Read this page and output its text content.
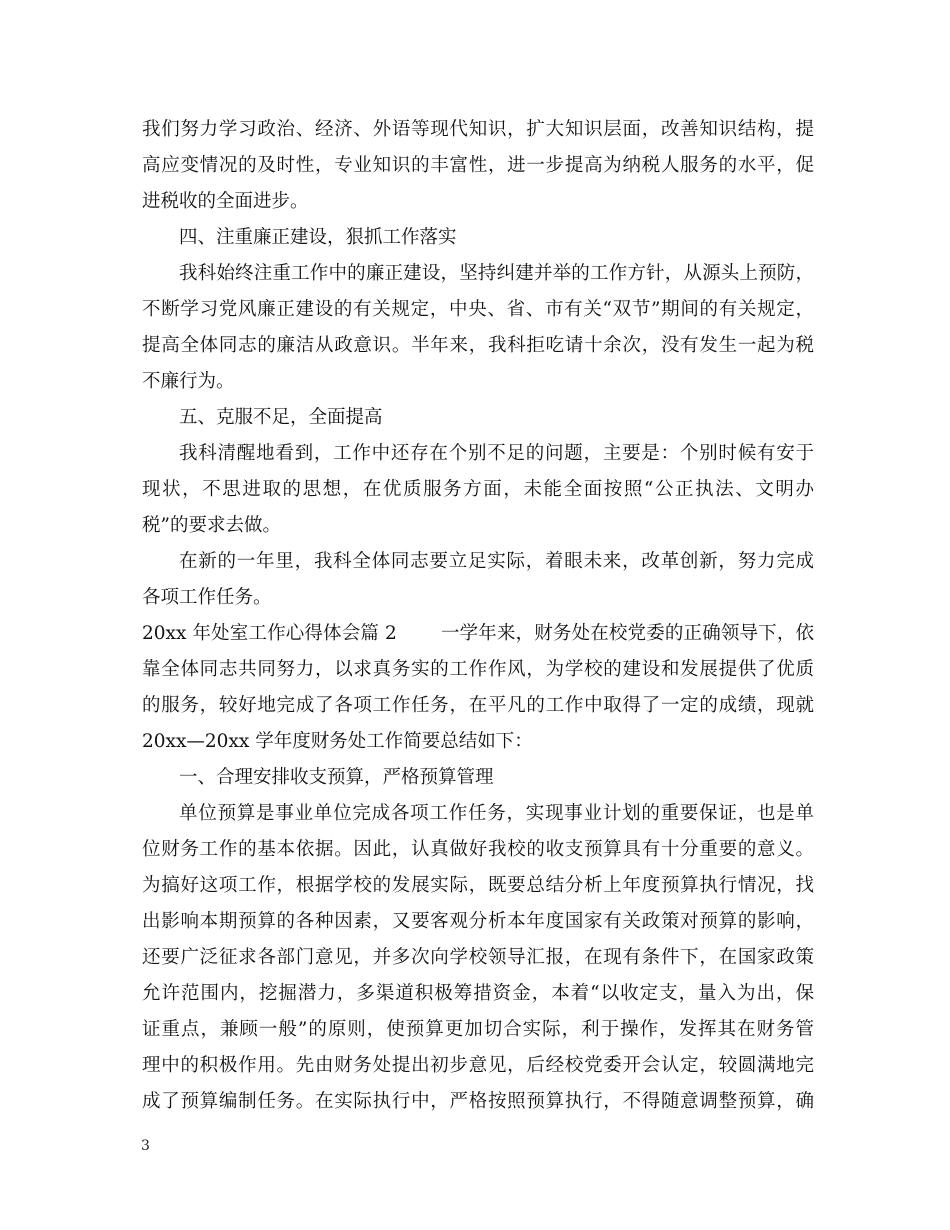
我们努力学习政治、经济、外语等现代知识，扩大知识层面，改善知识结构，提
高应变情况的及时性，专业知识的丰富性，进一步提高为纳税人服务的水平，促
进税收的全面进步。
四、注重廉正建设，狠抓工作落实
我科始终注重工作中的廉正建设，坚持纠建并举的工作方针，从源头上预防，
不断学习党风廉正建设的有关规定，中央、省、市有关“双节”期间的有关规定，
提高全体同志的廉洁从政意识。半年来，我科拒吃请十余次，没有发生一起为税
不廉行为。
五、克服不足，全面提高
我科清醒地看到，工作中还存在个别不足的问题，主要是：个别时候有安于
现状，不思进取的思想，在优质服务方面，未能全面按照“公正执法、文明办
税”的要求去做。
在新的一年里，我科全体同志要立足实际，着眼未来，改革创新，努力完成
各项工作任务。
20xx 年处室工作心得体会篇 2 一学年来，财务处在校党委的正确领导下，依
靠全体同志共同努力，以求真务实的工作作风，为学校的建设和发展提供了优质
的服务，较好地完成了各项工作任务，在平凡的工作中取得了一定的成绩，现就
20xx—20xx 学年度财务处工作简要总结如下：
一、合理安排收支预算，严格预算管理
单位预算是事业单位完成各项工作任务，实现事业计划的重要保证，也是单
位财务工作的基本依据。因此，认真做好我校的收支预算具有十分重要的意义。
为搞好这项工作，根据学校的发展实际，既要总结分析上年度预算执行情况，找
出影响本期预算的各种因素，又要客观分析本年度国家有关政策对预算的影响，
还要广泛征求各部门意见，并多次向学校领导汇报，在现有条件下，在国家政策
允许范围内，挖掘潜力，多渠道积极筹措资金，本着“以收定支，量入为出，保
证重点，兼顾一般”的原则，使预算更加切合实际，利于操作，发挥其在财务管
理中的积极作用。先由财务处提出初步意见，后经校党委开会认定，较圆满地完
成了预算编制任务。在实际执行中，严格按照预算执行，不得随意调整预算，确
3
